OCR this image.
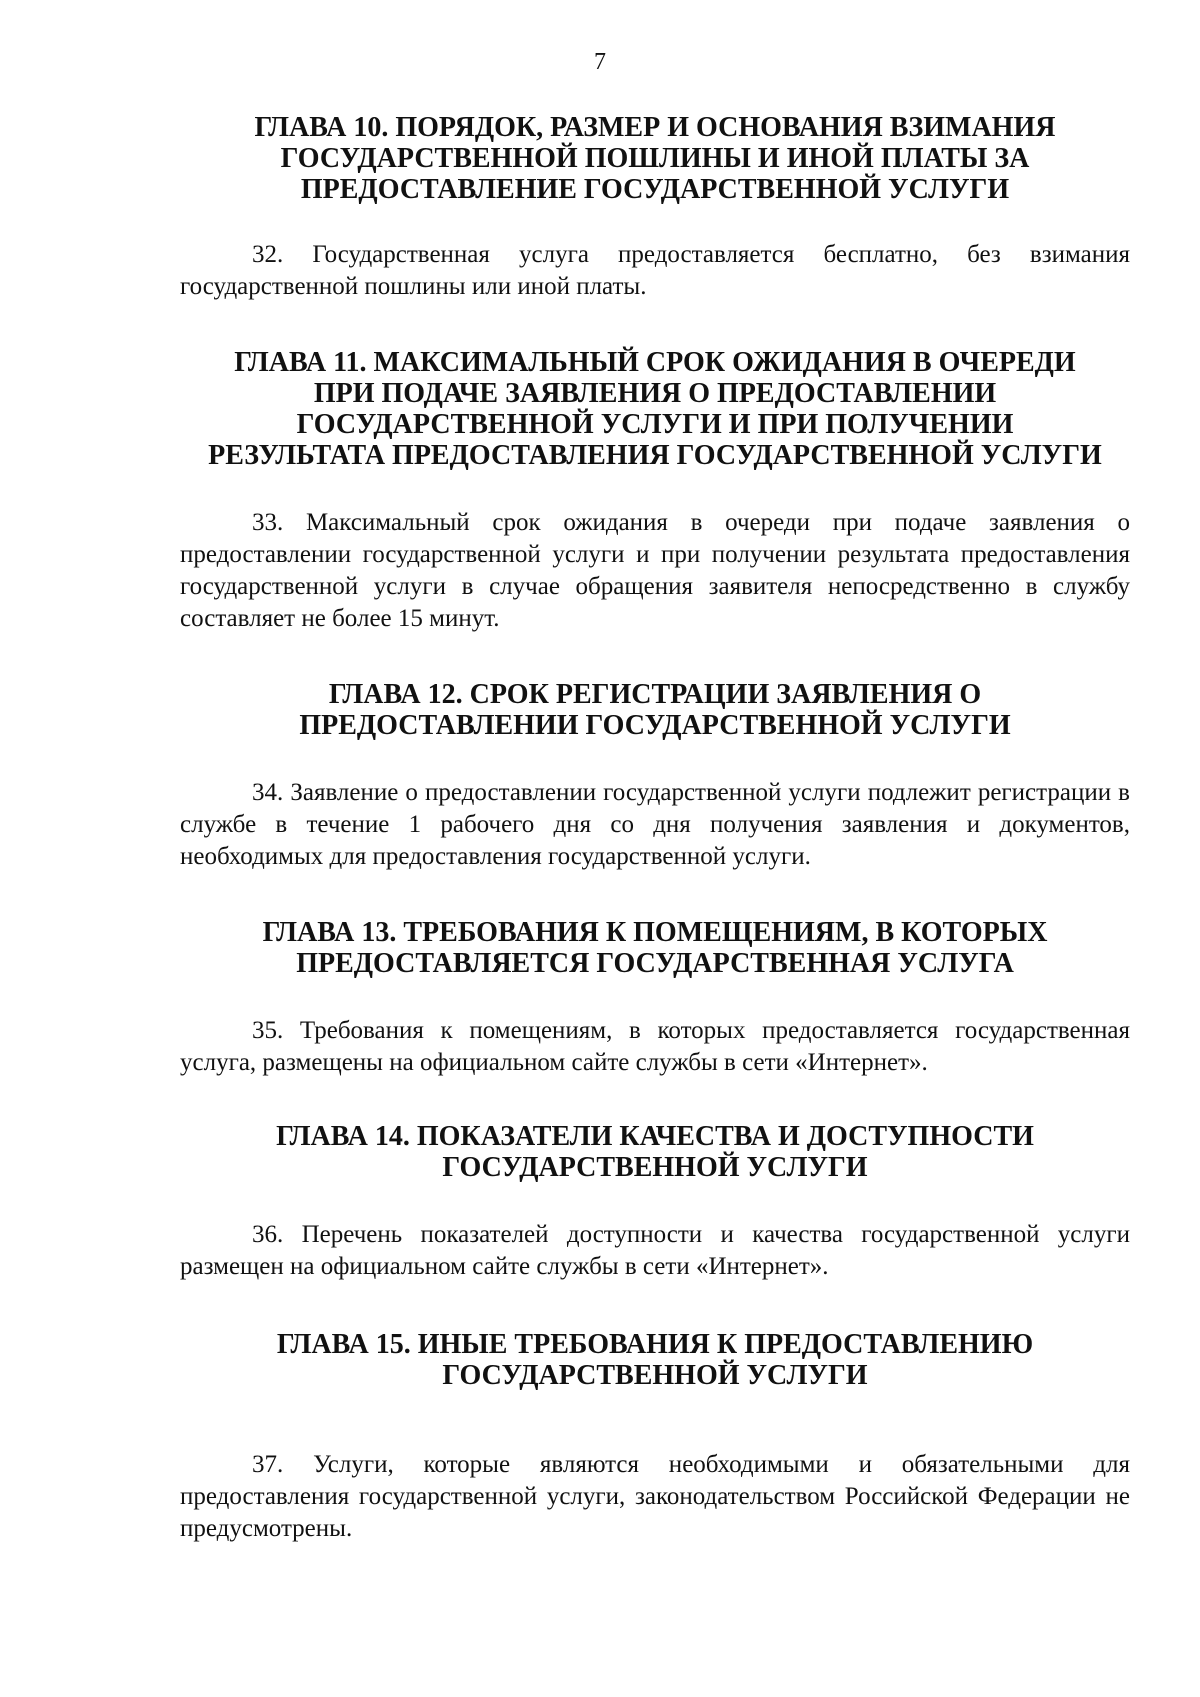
7
ГЛАВА 10. ПОРЯДОК, РАЗМЕР И ОСНОВАНИЯ ВЗИМАНИЯ
ГОСУДАРСТВЕННОЙ ПОШЛИНЫ И ИНОЙ ПЛАТЫ ЗА
ПРЕДОСТАВЛЕНИЕ ГОСУДАРСТВЕННОЙ УСЛУГИ

32. Государственная услуга предоставляется бесплатно, без взимания государственной пошлины или иной платы.

ГЛАВА 11. МАКСИМАЛЬНЫЙ СРОК ОЖИДАНИЯ В ОЧЕРЕДИ
ПРИ ПОДАЧЕ ЗАЯВЛЕНИЯ О ПРЕДОСТАВЛЕНИИ
ГОСУДАРСТВЕННОЙ УСЛУГИ И ПРИ ПОЛУЧЕНИИ
РЕЗУЛЬТАТА ПРЕДОСТАВЛЕНИЯ ГОСУДАРСТВЕННОЙ УСЛУГИ

33. Максимальный срок ожидания в очереди при подаче заявления о предоставлении государственной услуги и при получении результата предоставления государственной услуги в случае обращения заявителя непосредственно в службу составляет не более 15 минут.

ГЛАВА 12. СРОК РЕГИСТРАЦИИ ЗАЯВЛЕНИЯ О
ПРЕДОСТАВЛЕНИИ ГОСУДАРСТВЕННОЙ УСЛУГИ

34. Заявление о предоставлении государственной услуги подлежит регистрации в службе в течение 1 рабочего дня со дня получения заявления и документов, необходимых для предоставления государственной услуги.

ГЛАВА 13. ТРЕБОВАНИЯ К ПОМЕЩЕНИЯМ, В КОТОРЫХ
ПРЕДОСТАВЛЯЕТСЯ ГОСУДАРСТВЕННАЯ УСЛУГА

35. Требования к помещениям, в которых предоставляется государственная услуга, размещены на официальном сайте службы в сети «Интернет».

ГЛАВА 14. ПОКАЗАТЕЛИ КАЧЕСТВА И ДОСТУПНОСТИ
ГОСУДАРСТВЕННОЙ УСЛУГИ

36. Перечень показателей доступности и качества государственной услуги размещен на официальном сайте службы в сети «Интернет».

ГЛАВА 15. ИНЫЕ ТРЕБОВАНИЯ К ПРЕДОСТАВЛЕНИЮ
ГОСУДАРСТВЕННОЙ УСЛУГИ

37. Услуги, которые являются необходимыми и обязательными для предоставления государственной услуги, законодательством Российской Федерации не предусмотрены.
